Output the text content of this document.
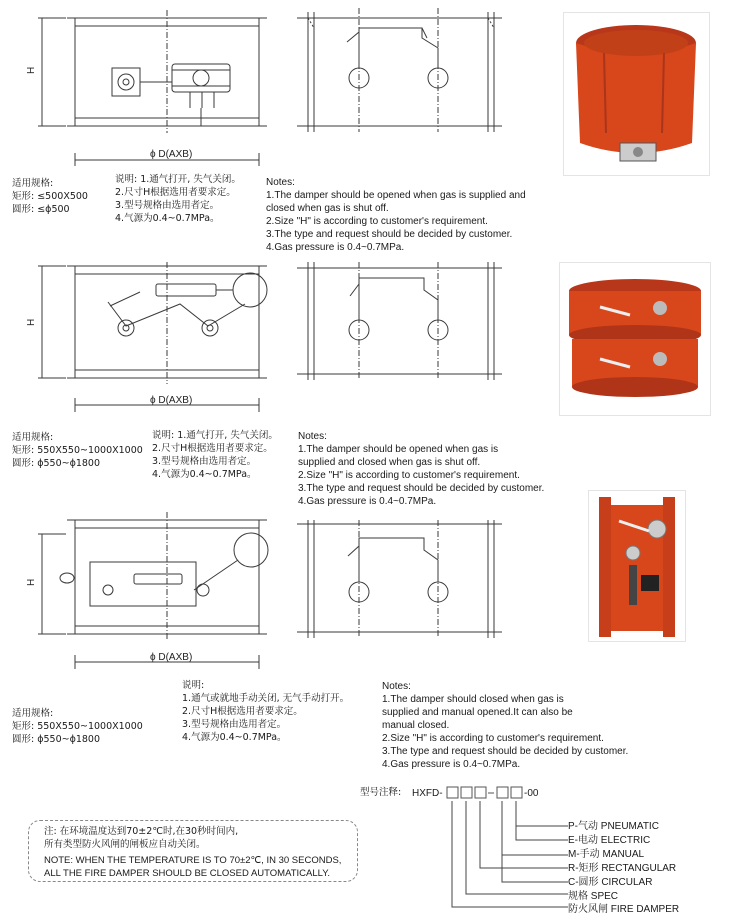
H
ϕ D(AXB)
适用规格:
矩形: ≤500X500
圆形: ≤ϕ500
说明: 1.通气打开, 失气关闭。
2.尺寸H根据选用者要求定。
3.型号规格由选用者定。
4.气源为0.4~0.7MPa。
Notes:
1.The damper should be opened when gas is supplied and
closed when gas is shut off.
2.Size "H" is according to customer's requirement.
3.The type and request should be decided by customer.
4.Gas pressure is 0.4~0.7MPa.
H
ϕ D(AXB)
适用规格:
矩形: 550X550~1000X1000
圆形: ϕ550~ϕ1800
说明: 1.通气打开, 失气关闭。
2.尺寸H根据选用者要求定。
3.型号规格由选用者定。
4.气源为0.4~0.7MPa。
Notes:
1.The damper should be opened when gas is
supplied and closed when gas is shut off.
2.Size "H" is according to customer's requirement.
3.The type and request should be decided by customer.
4.Gas pressure is 0.4~0.7MPa.
H
ϕ D(AXB)
说明:
1.通气或就地手动关闭, 无气手动打开。
2.尺寸H根据选用者要求定。
3.型号规格由选用者定。
4.气源为0.4~0.7MPa。
适用规格:
矩形: 550X550~1000X1000
圆形: ϕ550~ϕ1800
Notes:
1.The damper should closed when gas is
supplied and manual opened.It can also be
manual closed.
2.Size "H" is according to customer's requirement.
3.The type and request should be decided by customer.
4.Gas pressure is 0.4~0.7MPa.
型号注释: HXFD-	-00
P-气动 PNEUMATIC
E-电动 ELECTRIC
M-手动 MANUAL
R-矩形 RECTANGULAR
C-圆形 CIRCULAR
规格 SPEC
防火风闸 FIRE DAMPER
注: 在环境温度达到70±2℃时,在30秒时间内,
所有类型防火风闸的闸板应自动关闭。
NOTE: WHEN THE TEMPERATURE IS TO 70±2℃, IN 30 SECONDS,
ALL THE FIRE DAMPER SHOULD BE CLOSED AUTOMATICALLY.
